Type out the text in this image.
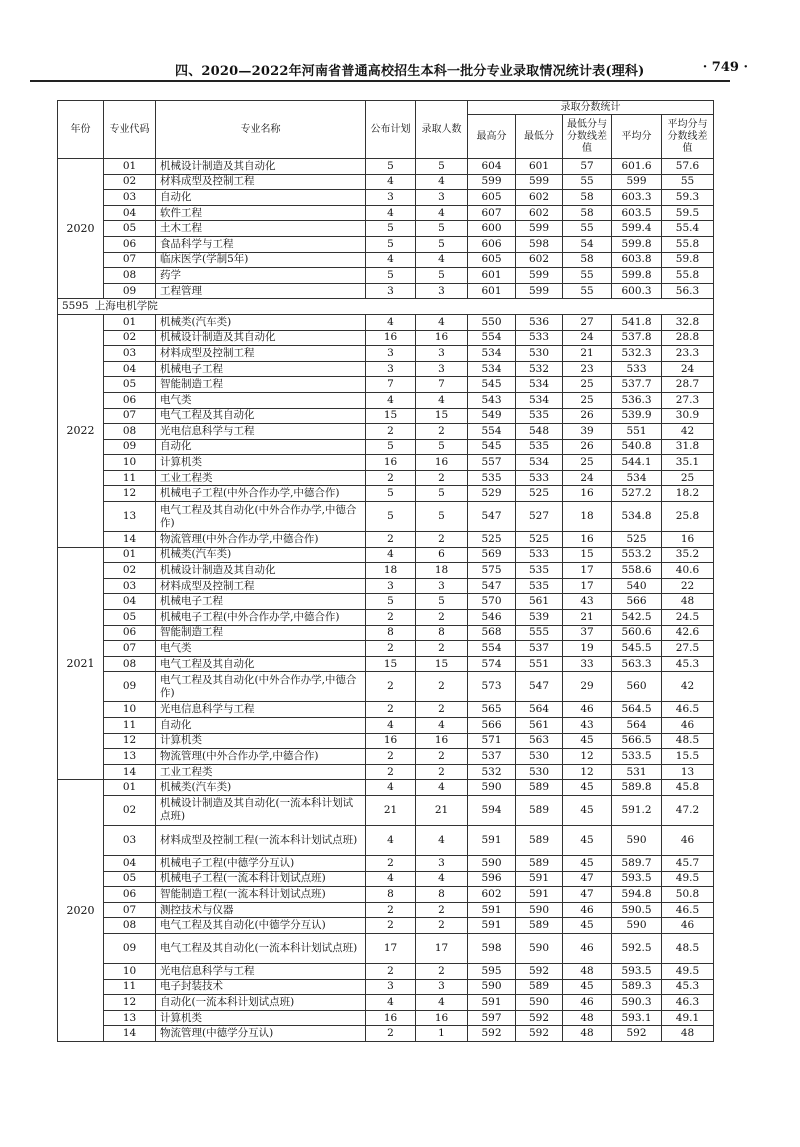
四、2020—2022年河南省普通高校招生本科一批分专业录取情况统计表(理科)	· 749 ·
年份	专业代码	专业名称	公布计划	录取人数	录取分数统计				
					最高分	最低分	最低分与分数线差值	平均分	平均分与分数线差值
2020	01	机械设计制造及其自动化	5	5	604	601	57	601.6	57.6
	02	材料成型及控制工程	4	4	599	599	55	599	55
	03	自动化	3	3	605	602	58	603.3	59.3
	04	软件工程	4	4	607	602	58	603.5	59.5
	05	土木工程	5	5	600	599	55	599.4	55.4
	06	食品科学与工程	5	5	606	598	54	599.8	55.8
	07	临床医学(学制5年)	4	4	605	602	58	603.8	59.8
	08	药学	5	5	601	599	55	599.8	55.8
	09	工程管理	3	3	601	599	55	600.3	56.3
5595 上海电机学院									
2022	01	机械类(汽车类)	4	4	550	536	27	541.8	32.8
	02	机械设计制造及其自动化	16	16	554	533	24	537.8	28.8
	03	材料成型及控制工程	3	3	534	530	21	532.3	23.3
	04	机械电子工程	3	3	534	532	23	533	24
	05	智能制造工程	7	7	545	534	25	537.7	28.7
	06	电气类	4	4	543	534	25	536.3	27.3
	07	电气工程及其自动化	15	15	549	535	26	539.9	30.9
	08	光电信息科学与工程	2	2	554	548	39	551	42
	09	自动化	5	5	545	535	26	540.8	31.8
	10	计算机类	16	16	557	534	25	544.1	35.1
	11	工业工程类	2	2	535	533	24	534	25
	12	机械电子工程(中外合作办学,中德合作)	5	5	529	525	16	527.2	18.2
	13	电气工程及其自动化(中外合作办学,中德合作)	5	5	547	527	18	534.8	25.8
	14	物流管理(中外合作办学,中德合作)	2	2	525	525	16	525	16
2021	01	机械类(汽车类)	4	6	569	533	15	553.2	35.2
	02	机械设计制造及其自动化	18	18	575	535	17	558.6	40.6
	03	材料成型及控制工程	3	3	547	535	17	540	22
	04	机械电子工程	5	5	570	561	43	566	48
	05	机械电子工程(中外合作办学,中德合作)	2	2	546	539	21	542.5	24.5
	06	智能制造工程	8	8	568	555	37	560.6	42.6
	07	电气类	2	2	554	537	19	545.5	27.5
	08	电气工程及其自动化	15	15	574	551	33	563.3	45.3
	09	电气工程及其自动化(中外合作办学,中德合作)	2	2	573	547	29	560	42
	10	光电信息科学与工程	2	2	565	564	46	564.5	46.5
	11	自动化	4	4	566	561	43	564	46
	12	计算机类	16	16	571	563	45	566.5	48.5
	13	物流管理(中外合作办学,中德合作)	2	2	537	530	12	533.5	15.5
	14	工业工程类	2	2	532	530	12	531	13
2020	01	机械类(汽车类)	4	4	590	589	45	589.8	45.8
	02	机械设计制造及其自动化(一流本科计划试点班)	21	21	594	589	45	591.2	47.2
	03	材料成型及控制工程(一流本科计划试点班)	4	4	591	589	45	590	46
	04	机械电子工程(中德学分互认)	2	3	590	589	45	589.7	45.7
	05	机械电子工程(一流本科计划试点班)	4	4	596	591	47	593.5	49.5
	06	智能制造工程(一流本科计划试点班)	8	8	602	591	47	594.8	50.8
	07	测控技术与仪器	2	2	591	590	46	590.5	46.5
	08	电气工程及其自动化(中德学分互认)	2	2	591	589	45	590	46
	09	电气工程及其自动化(一流本科计划试点班)	17	17	598	590	46	592.5	48.5
	10	光电信息科学与工程	2	2	595	592	48	593.5	49.5
	11	电子封装技术	3	3	590	589	45	589.3	45.3
	12	自动化(一流本科计划试点班)	4	4	591	590	46	590.3	46.3
	13	计算机类	16	16	597	592	48	593.1	49.1
	14	物流管理(中德学分互认)	2	1	592	592	48	592	48
